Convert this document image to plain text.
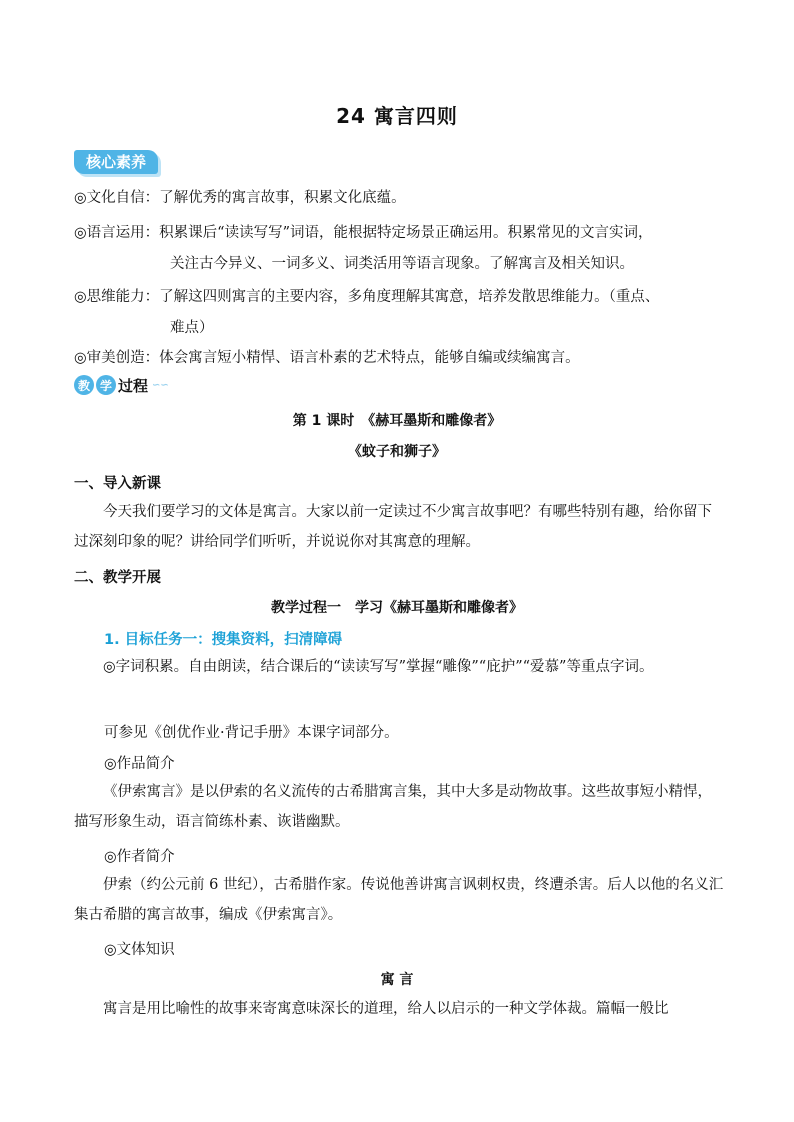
24 寓言四则
核心素养
◎文化自信：了解优秀的寓言故事，积累文化底蕴。
◎语言运用：积累课后“读读写写”词语，能根据特定场景正确运用。积累常见的文言实词，
关注古今异义、一词多义、词类活用等语言现象。了解寓言及相关知识。
◎思维能力：了解这四则寓言的主要内容，多角度理解其寓意，培养发散思维能力。（重点、
难点）
◎审美创造：体会寓言短小精悍、语言朴素的艺术特点，能够自编或续编寓言。
教 学 过程 ∽∽
第 1 课时　《赫耳墨斯和雕像者》
《蚊子和狮子》
一、导入新课
今天我们要学习的文体是寓言。大家以前一定读过不少寓言故事吧？有哪些特别有趣，给你留下过深刻印象的呢？讲给同学们听听，并说说你对其寓意的理解。
二、教学开展
教学过程一　学习《赫耳墨斯和雕像者》
1. 目标任务一：搜集资料，扫清障碍
◎字词积累。自由朗读，结合课后的“读读写写”掌握“雕像”“庇护”“爱慕”等重点字词。
可参见《创优作业·背记手册》本课字词部分。
◎作品简介
《伊索寓言》是以伊索的名义流传的古希腊寓言集，其中大多是动物故事。这些故事短小精悍，描写形象生动，语言简练朴素、诙谐幽默。
◎作者简介
伊索（约公元前 6 世纪），古希腊作家。传说他善讲寓言讽刺权贵，终遭杀害。后人以他的名义汇集古希腊的寓言故事，编成《伊索寓言》。
◎文体知识
寓 言
寓言是用比喻性的故事来寄寓意味深长的道理，给人以启示的一种文学体裁。篇幅一般比
